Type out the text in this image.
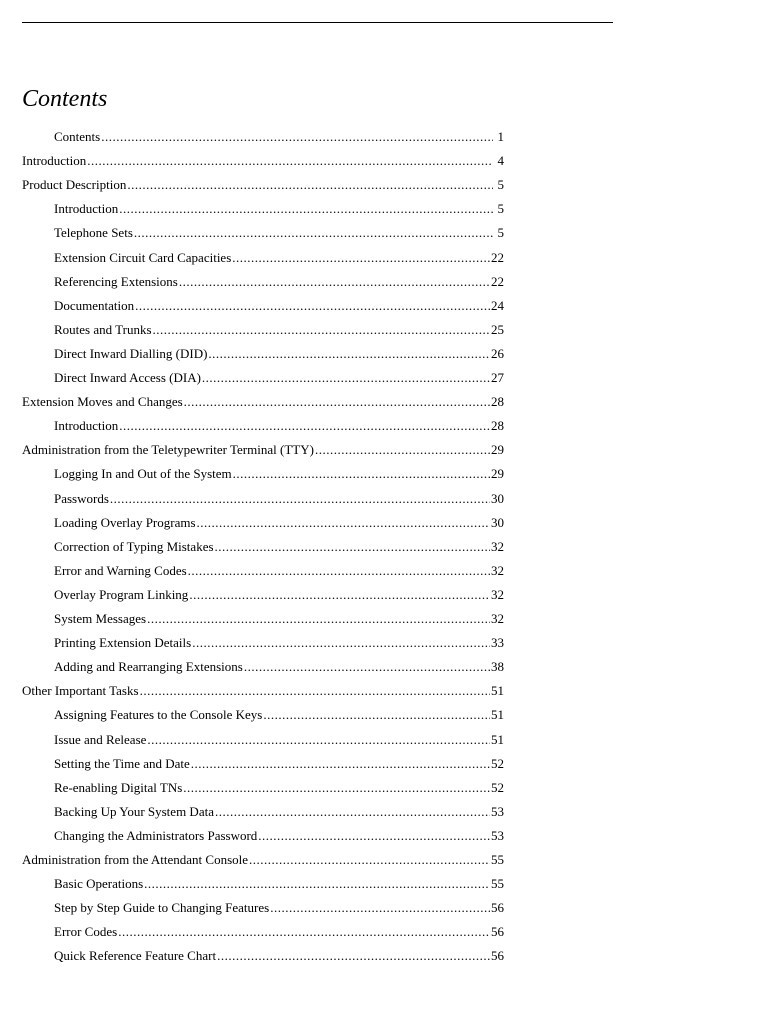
Contents
Contents .....	1
Introduction .....	4
Product Description .....	5
Introduction .....	5
Telephone Sets .....	5
Extension Circuit Card Capacities .....	22
Referencing Extensions .....	22
Documentation .....	24
Routes and Trunks .....	25
Direct Inward Dialling (DID) .....	26
Direct Inward Access (DIA) .....	27
Extension Moves and Changes .....	28
Introduction .....	28
Administration from the Teletypewriter Terminal (TTY) .....	29
Logging In and Out of the System .....	29
Passwords .....	30
Loading Overlay Programs .....	30
Correction of Typing Mistakes .....	32
Error and Warning Codes .....	32
Overlay Program Linking .....	32
System Messages .....	32
Printing Extension Details .....	33
Adding and Rearranging Extensions .....	38
Other Important Tasks .....	51
Assigning Features to the Console Keys .....	51
Issue and Release .....	51
Setting the Time and Date .....	52
Re-enabling Digital TNs .....	52
Backing Up Your System Data .....	53
Changing the Administrators Password .....	53
Administration from the Attendant Console .....	55
Basic Operations .....	55
Step by Step Guide to Changing Features .....	56
Error Codes .....	56
Quick Reference Feature Chart .....	56
